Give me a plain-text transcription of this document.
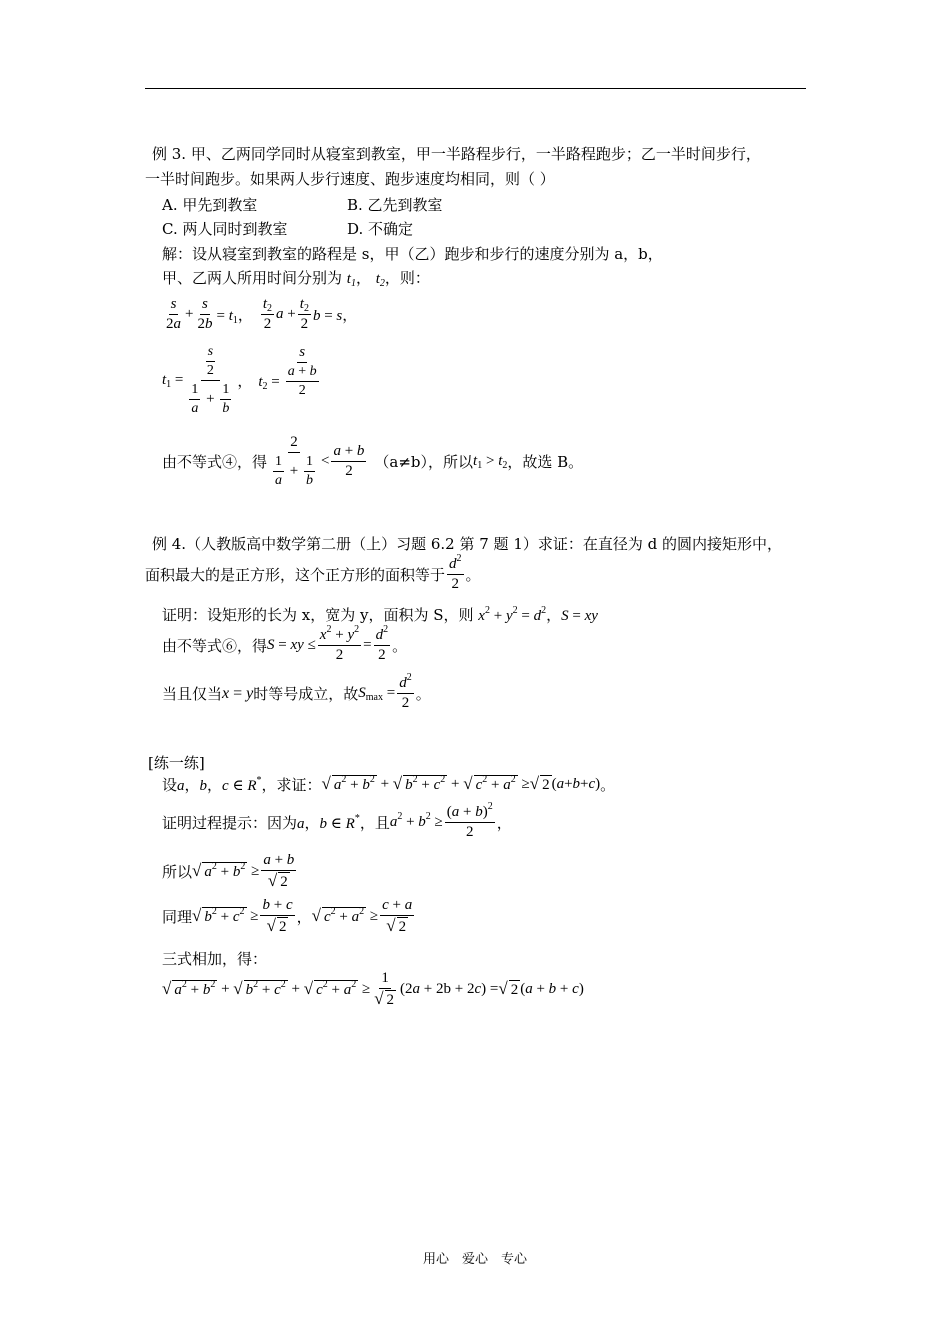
例 3. 甲、乙两同学同时从寝室到教室，甲一半路程步行，一半路程跑步；乙一半时间步行，
一半时间跑步。如果两人步行速度、跑步速度均相同，则（ ）
A. 甲先到教室	B. 乙先到教室
C. 两人同时到教室	D. 不确定
解：设从寝室到教室的路程是 s，甲（乙）跑步和步行的速度分别为 a，b，
甲、乙两人所用时间分别为 $t_1$， $t_2$，则：
$\frac{s}{2a} + \frac{s}{2b} = t_1$， $\frac{t_2}{2}$ $a + \frac{t_2}{2}$ b = s，
$t_1 = \frac{\frac{s}{2}}{\frac{1}{a} + \frac{1}{b}}$ ， $t_2 = \frac{s}{\frac{a + b}{2}}$
由不等式④，得 $\frac{2}{\frac{1}{a} + \frac{1}{b}} < \frac{a + b}{2} (a\ne b)$，所以 $t_1 > t_2$ ，故选 B。
例 4.（人教版高中数学第二册（上）习题 6.2 第 7 题 1）求证：在直径为 d 的圆内接矩形中，
面积最大的是正方形，这个正方形的面积等于 $\frac{d^2}{2}$ 。
证明：设矩形的长为 x，宽为 y，面积为 S，则 $x^2 + y^2 = d^2$，S = xy
由不等式⑥，得 S = xy ≤ $\frac{x^2 + y^2}{2} = \frac{d^2}{2}$ 。
当且仅当 x = y 时等号成立，故 $S_{max} = \frac{d^2}{2}$ 。
[练一练]
设 a，b，c ∈ R* ，求证： √ $a^2 + b^2$ + √ $b^2 + c^2$ + √ $c^2 + a^2$ ≥ √ 2 ( a + b + c ) 。
证明过程提示：因为 a，b ∈ R* ，且 $a^2 + b^2 \ge \frac{(a + b)^2}{2}$ ，
所以 √ $a^2 + b^2 \ge \frac{a + b}{√ 2}$
同理 √ $b^2 + c^2 \ge \frac{b + c}{√ 2}$ ， √ $c^2 + a^2 \ge \frac{c + a}{√ 2}$
三式相加，得：
√ $a^2 + b^2$ + √ $b^2 + c^2$ + √ $c^2 + a^2 \ge \frac{1}{√ 2} (2a + 2b + 2c)$ = √ 2 (a + b + c)
用心　爱心　专心
